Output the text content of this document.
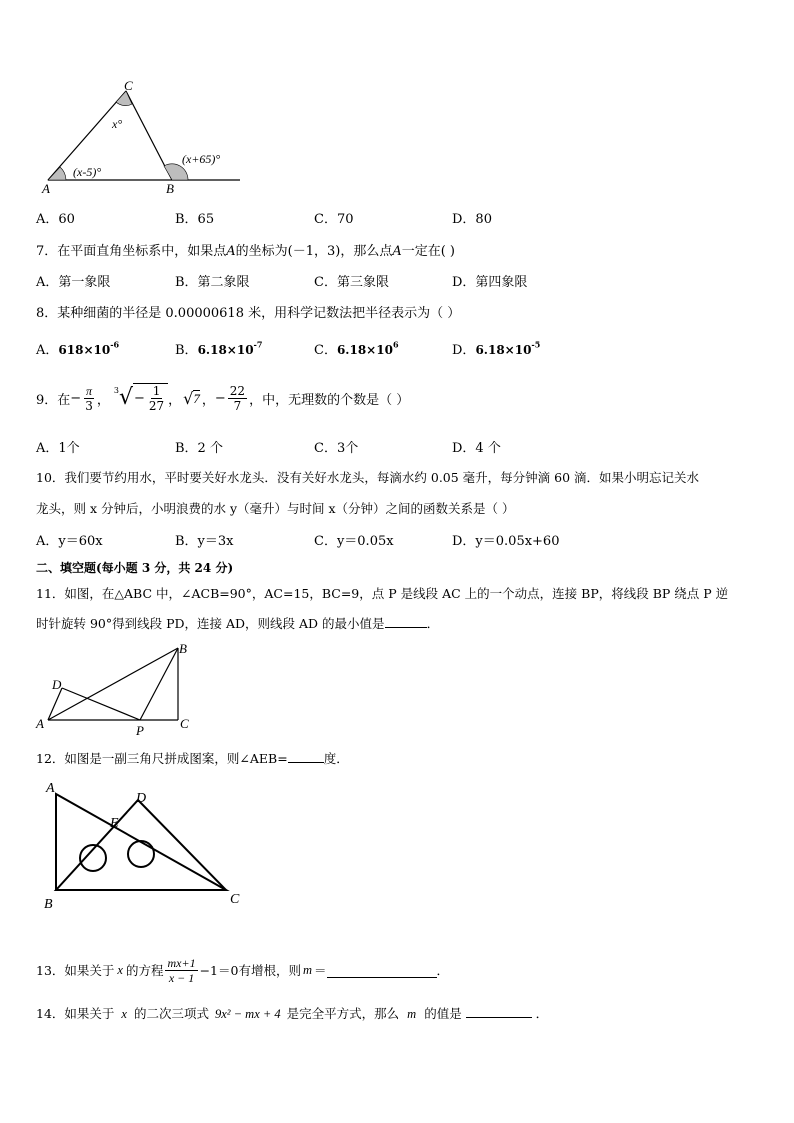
C
A	B
x°
(x-5)°
(x+65)°
A．60	B．65	C．70	D．80
7．在平面直角坐标系中，如果点𝐴的坐标为(－1，3)，那么点𝐴一定在( )
A．第一象限	B．第二象限	C．第三象限	D．第四象限
8．某种细菌的半径是 0.00000618 米，用科学记数法把半径表示为（ ）
A．$618\times 10^{-6}$	B．$6.18\times 10^{-7}$	C．$6.18\times 10^6$	D．$6.18\times 10^{-5}$
9．在 − $\frac{\pi}{3}$ ，
$^3$ √ − $\frac{1}{27}$ ， √ 7 ， − $\frac{22}{7}$ ，中，无理数的个数是（ ）
A．1个	B．2 个	C．3个	D．4 个
10．我们要节约用水，平时要关好水龙头．没有关好水龙头，每滴水约 0.05 毫升，每分钟滴 60 滴．如果小明忘记关水
龙头，则 x 分钟后，小明浪费的水 y（毫升）与时间 x（分钟）之间的函数关系是（ ）
A．y＝60x	B．y＝3x	C．y＝0.05x	D．y＝0.05x+60
二、填空题(每小题 3 分，共 24 分)
11．如图，在△ABC 中，∠ACB=90°，AC=15，BC=9，点 P 是线段 AC 上的一个动点，连接 BP，将线段 BP 绕点 P 逆
时针旋转 90°得到线段 PD，连接 AD，则线段 AD 的最小值是	．
D
B
A	P	C
12．如图是一副三角尺拼成图案，则∠AEB=	度．
A
D
E
B	C
13．如果关于 x 的方程 $\frac{mx+1}{x - 1} -1=0$有增根，则 m ＝	．
14．如果关于 x 的二次三项式 9x² − mx + 4 是完全平方式，那么 m 的值是	．
